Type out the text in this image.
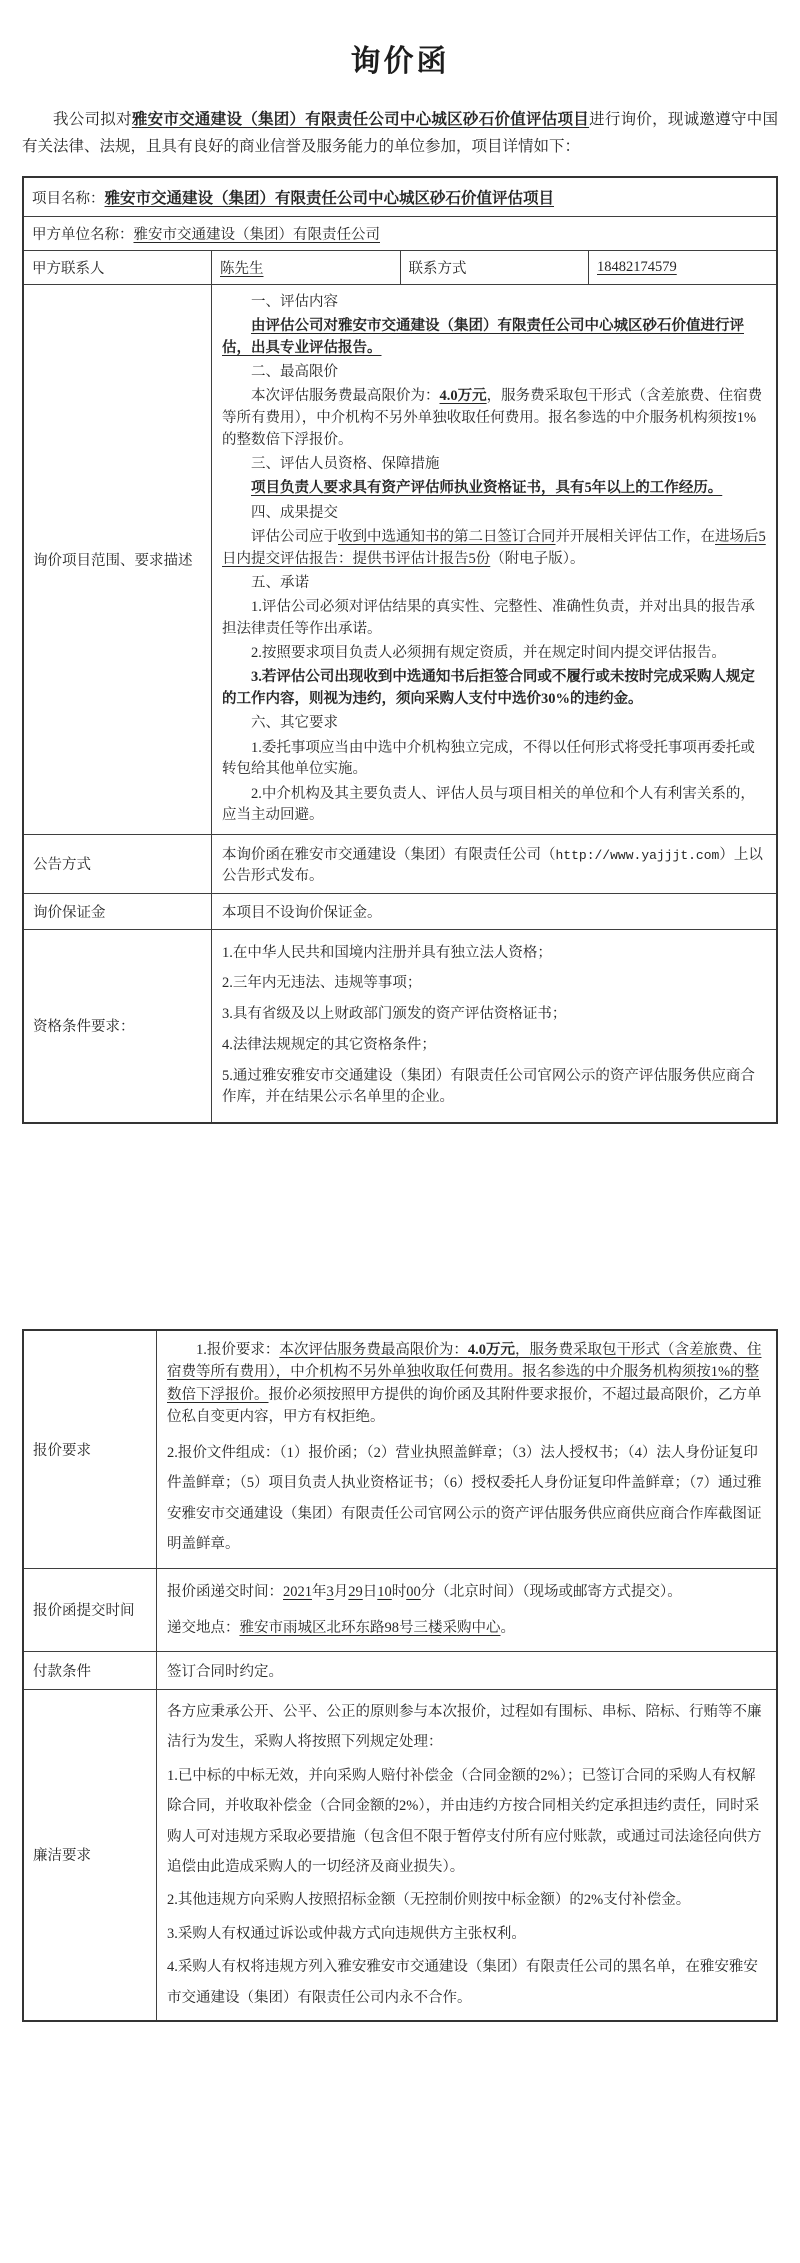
询价函

我公司拟对雅安市交通建设（集团）有限责任公司中心城区砂石价值评估项目进行询价，现诚邀遵守中国有关法律、法规，且具有良好的商业信誉及服务能力的单位参加，项目详情如下：

项目名称：雅安市交通建设（集团）有限责任公司中心城区砂石价值评估项目			
甲方单位名称：雅安市交通建设（集团）有限责任公司			
甲方联系人	陈先生	联系方式	18482174579
询价项目范围、要求描述	

一、评估内容

由评估公司对雅安市交通建设（集团）有限责任公司中心城区砂石价值进行评估，出具专业评估报告。

二、最高限价

本次评估服务费最高限价为：4.0万元，服务费采取包干形式（含差旅费、住宿费等所有费用），中介机构不另外单独收取任何费用。报名参选的中介服务机构须按1%的整数倍下浮报价。

三、评估人员资格、保障措施

项目负责人要求具有资产评估师执业资格证书，具有5年以上的工作经历。

四、成果提交

评估公司应于收到中选通知书的第二日签订合同并开展相关评估工作，在进场后5日内提交评估报告：提供书评估计报告5份（附电子版）。

五、承诺

1.评估公司必须对评估结果的真实性、完整性、准确性负责，并对出具的报告承担法律责任等作出承诺。

2.按照要求项目负责人必须拥有规定资质，并在规定时间内提交评估报告。

3.若评估公司出现收到中选通知书后拒签合同或不履行或未按时完成采购人规定的工作内容，则视为违约，须向采购人支付中选价30%的违约金。

六、其它要求

1.委托事项应当由中选中介机构独立完成，不得以任何形式将受托事项再委托或转包给其他单位实施。

2.中介机构及其主要负责人、评估人员与项目相关的单位和个人有利害关系的，应当主动回避。

公告方式	本询价函在雅安市交通建设（集团）有限责任公司（http://www.yajjjt.com）上以公告形式发布。		
询价保证金	本项目不设询价保证金。		
资格条件要求：	1.在中华人民共和国境内注册并具有独立法人资格；

2.三年内无违法、违规等事项；

3.具有省级及以上财政部门颁发的资产评估资格证书；

4.法律法规规定的其它资格条件；

5.通过雅安雅安市交通建设（集团）有限责任公司官网公示的资产评估服务供应商合作库，并在结果公示名单里的企业。		

报价要求	1.报价要求：本次评估服务费最高限价为：4.0万元，服务费采取包干形式（含差旅费、住宿费等所有费用），中介机构不另外单独收取任何费用。报名参选的中介服务机构须按1%的整数倍下浮报价。报价必须按照甲方提供的询价函及其附件要求报价，不超过最高限价，乙方单位私自变更内容，甲方有权拒绝。

2.报价文件组成：（1）报价函；（2）营业执照盖鲜章；（3）法人授权书；（4）法人身份证复印件盖鲜章；（5）项目负责人执业资格证书；（6）授权委托人身份证复印件盖鲜章；（7）通过雅安雅安市交通建设（集团）有限责任公司官网公示的资产评估服务供应商供应商合作库截图证明盖鲜章。

报价函提交时间	报价函递交时间：2021年3月29日10时00分（北京时间）（现场或邮寄方式提交）。

递交地点：雅安市雨城区北环东路98号三楼采购中心。

付款条件	签订合同时约定。
廉洁要求	各方应秉承公开、公平、公正的原则参与本次报价，过程如有围标、串标、陪标、行贿等不廉洁行为发生，采购人将按照下列规定处理：

1.已中标的中标无效，并向采购人赔付补偿金（合同金额的2%）；已签订合同的采购人有权解除合同，并收取补偿金（合同金额的2%），并由违约方按合同相关约定承担违约责任，同时采购人可对违规方采取必要措施（包含但不限于暂停支付所有应付账款，或通过司法途径向供方追偿由此造成采购人的一切经济及商业损失）。

2.其他违规方向采购人按照招标金额（无控制价则按中标金额）的2%支付补偿金。

3.采购人有权通过诉讼或仲裁方式向违规供方主张权利。

4.采购人有权将违规方列入雅安雅安市交通建设（集团）有限责任公司的黑名单，在雅安雅安市交通建设（集团）有限责任公司内永不合作。
